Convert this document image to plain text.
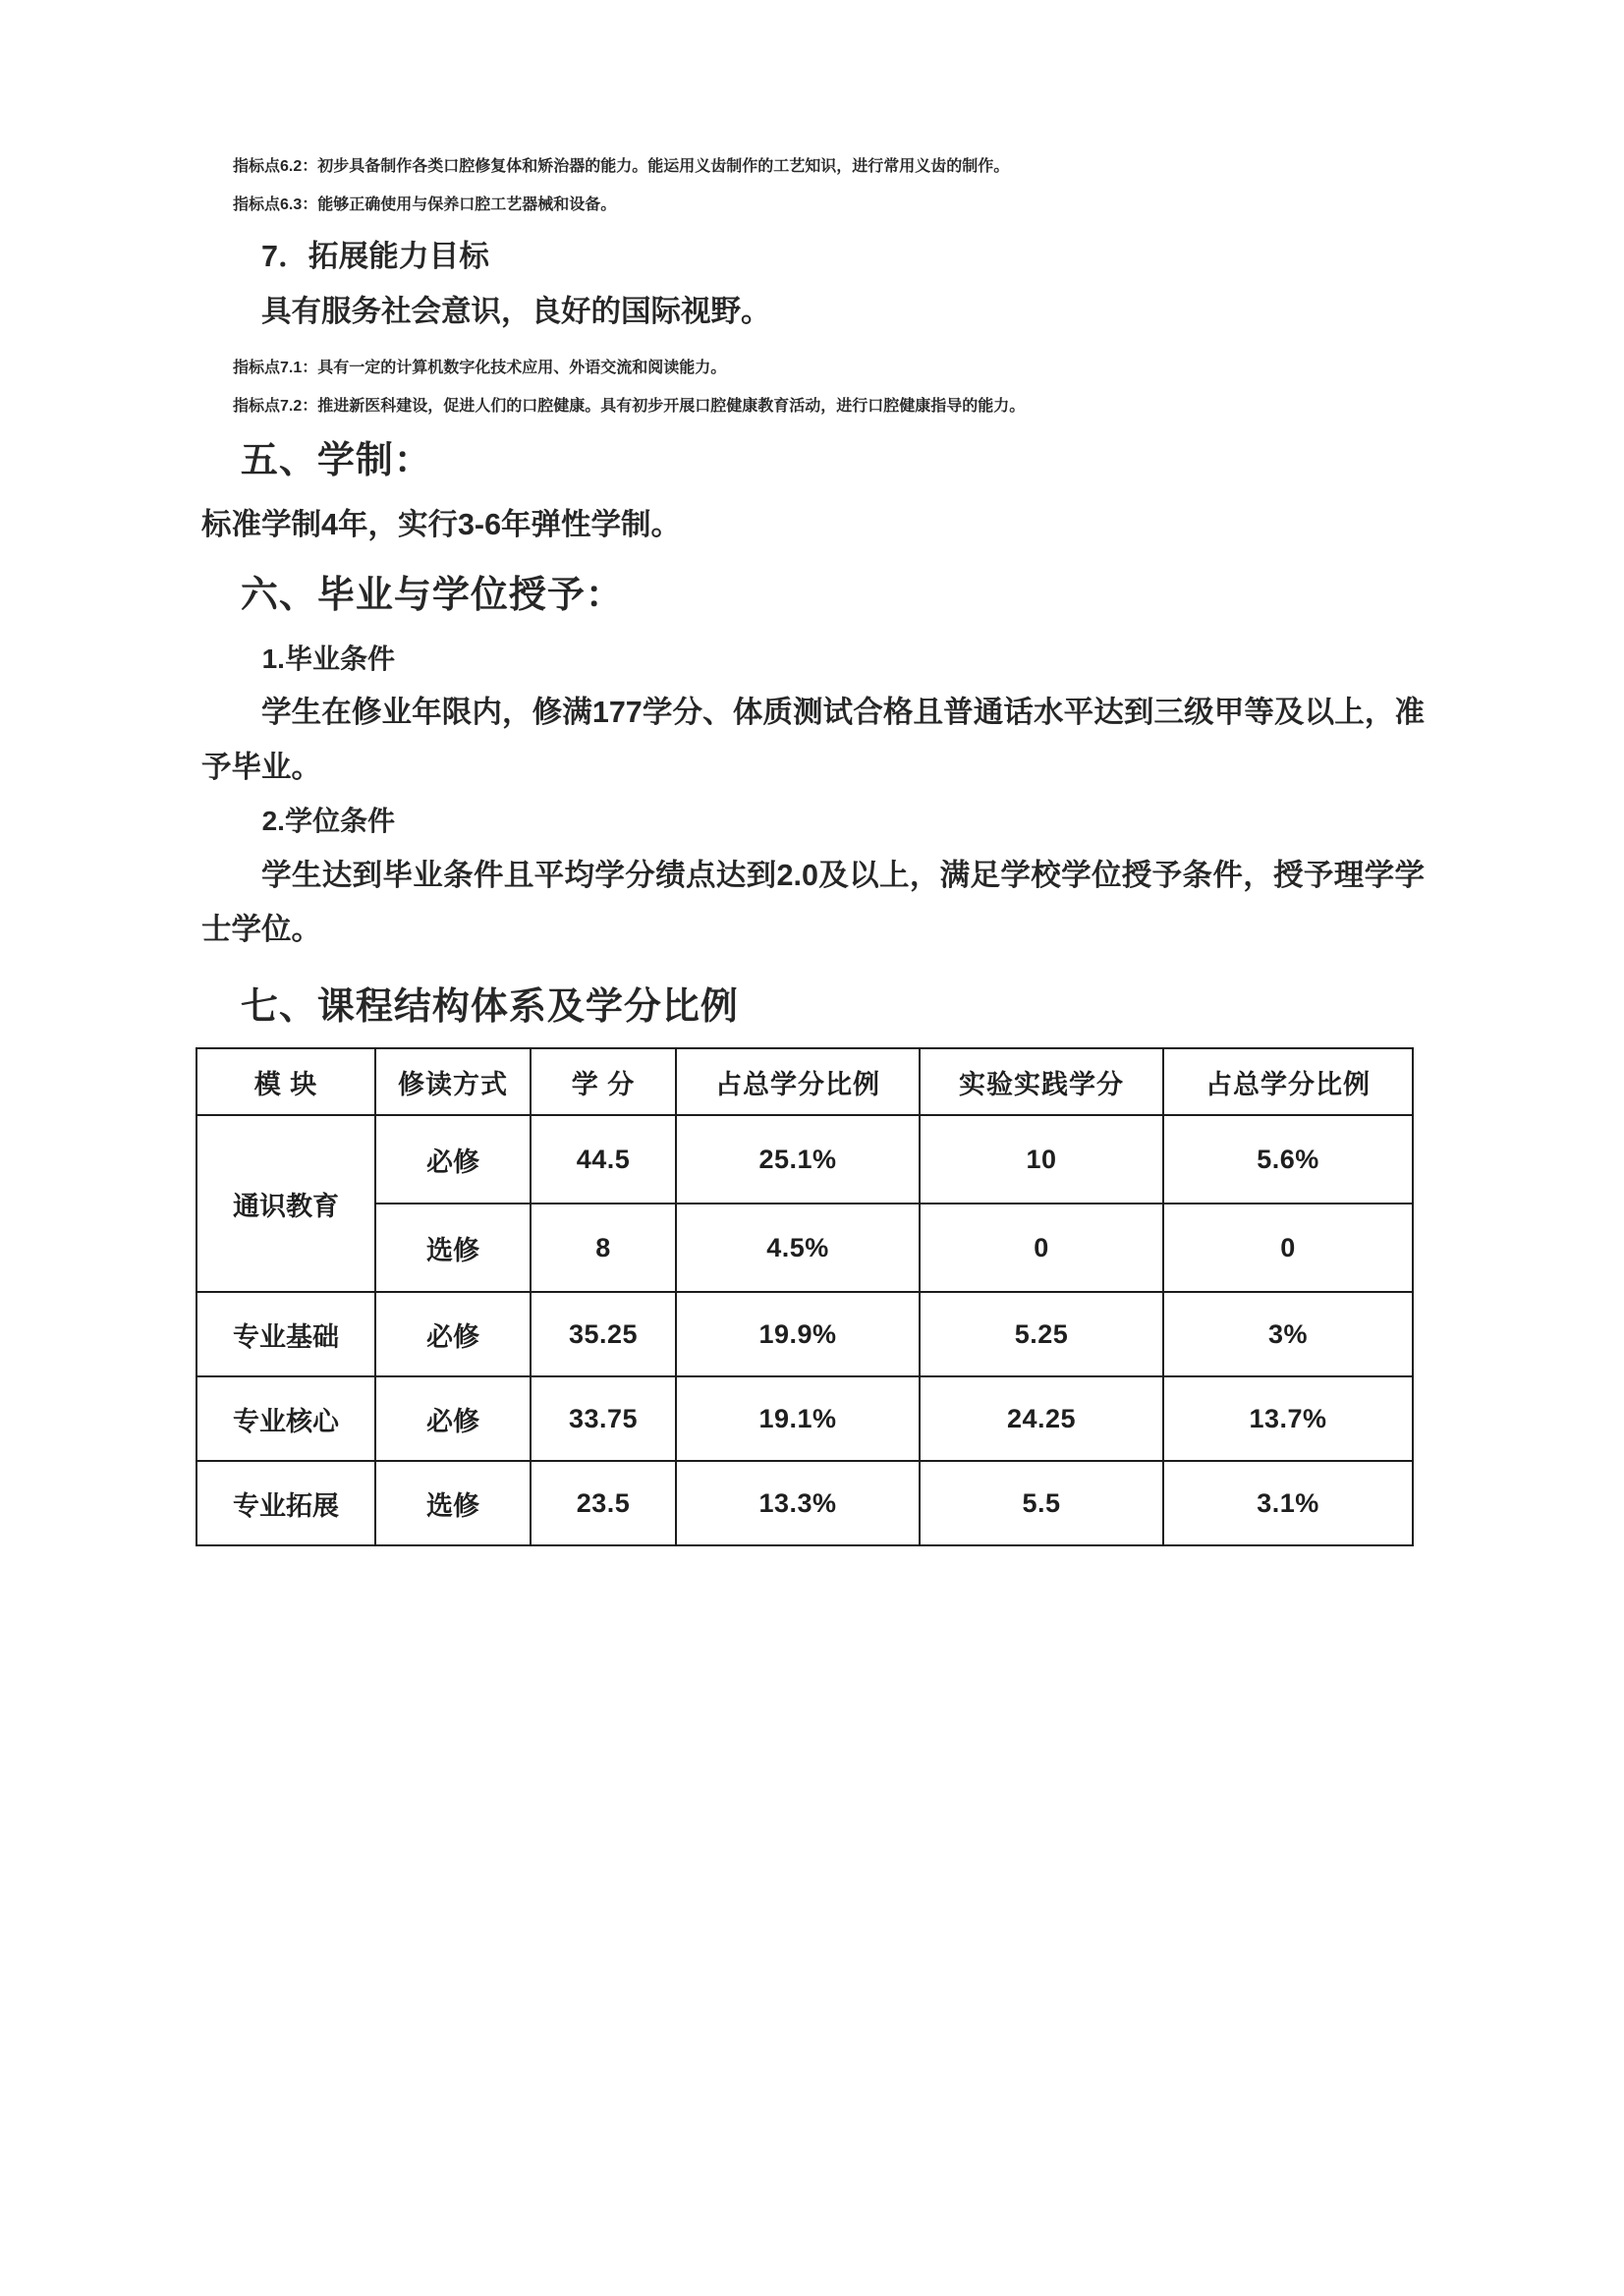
指标点6.2：初步具备制作各类口腔修复体和矫治器的能力。能运用义齿制作的工艺知识，进行常用义齿的制作。

指标点6.3：能够正确使用与保养口腔工艺器械和设备。

7．拓展能力目标

具有服务社会意识，良好的国际视野。

指标点7.1：具有一定的计算机数字化技术应用、外语交流和阅读能力。

指标点7.2：推进新医科建设，促进人们的口腔健康。具有初步开展口腔健康教育活动，进行口腔健康指导的能力。

五、学制：

标准学制4年，实行3-6年弹性学制。

六、毕业与学位授予：

1.毕业条件

学生在修业年限内，修满177学分、体质测试合格且普通话水平达到三级甲等及以上，准予毕业。

2.学位条件

学生达到毕业条件且平均学分绩点达到2.0及以上，满足学校学位授予条件，授予理学学士学位。

七、课程结构体系及学分比例
模 块	修读方式	学 分	占总学分比例	实验实践学分	占总学分比例
通识教育	必修	44.5	25.1%	10	5.6%
	选修	8	4.5%	0	0
专业基础	必修	35.25	19.9%	5.25	3%
专业核心	必修	33.75	19.1%	24.25	13.7%
专业拓展	选修	23.5	13.3%	5.5	3.1%
